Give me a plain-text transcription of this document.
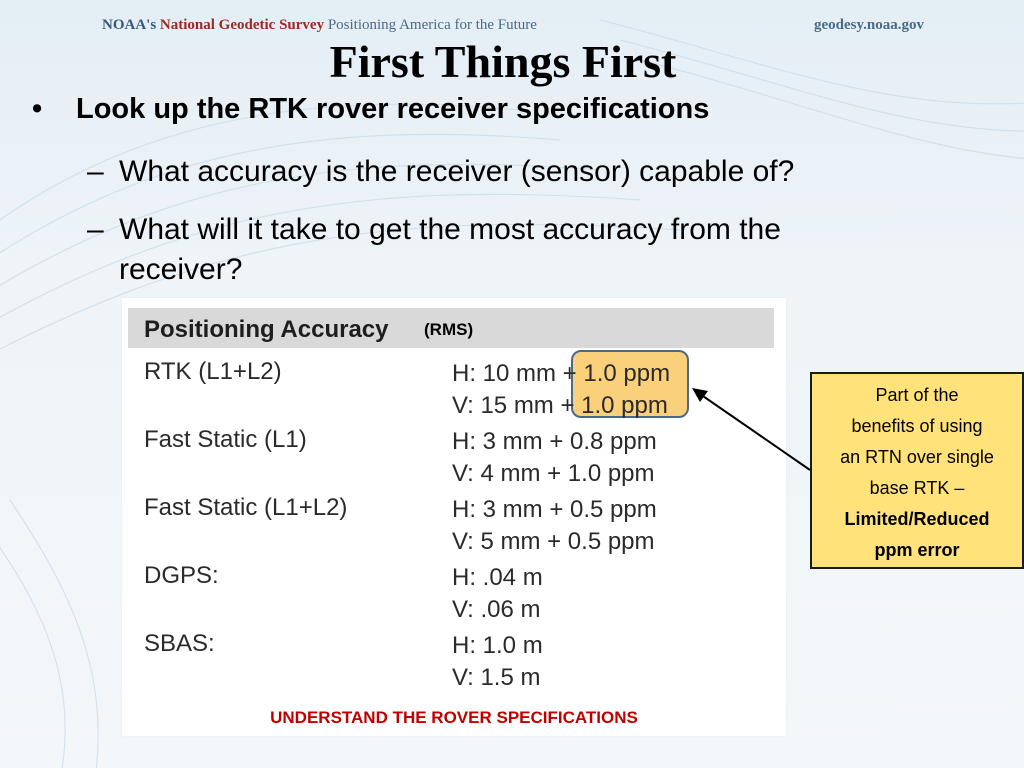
NOAA's National Geodetic Survey Positioning America for the Future	geodesy.noaa.gov
First Things First
• Look up the RTK rover receiver specifications
– What accuracy is the receiver (sensor) capable of?
– What will it take to get the most accuracy from the
receiver?
Positioning Accuracy (RMS)
RTK (L1+L2)	H: 10 mm + 1.0 ppm
V: 15 mm + 1.0 ppm
Fast Static (L1)	H: 3 mm + 0.8 ppm
V: 4 mm + 1.0 ppm
Fast Static (L1+L2)	H: 3 mm + 0.5 ppm
V: 5 mm + 0.5 ppm
DGPS:	H: .04 m
V: .06 m
SBAS:	H: 1.0 m
V: 1.5 m
UNDERSTAND THE ROVER SPECIFICATIONS
Part of the
benefits of using
an RTN over single
base RTK –
Limited/Reduced
ppm error
